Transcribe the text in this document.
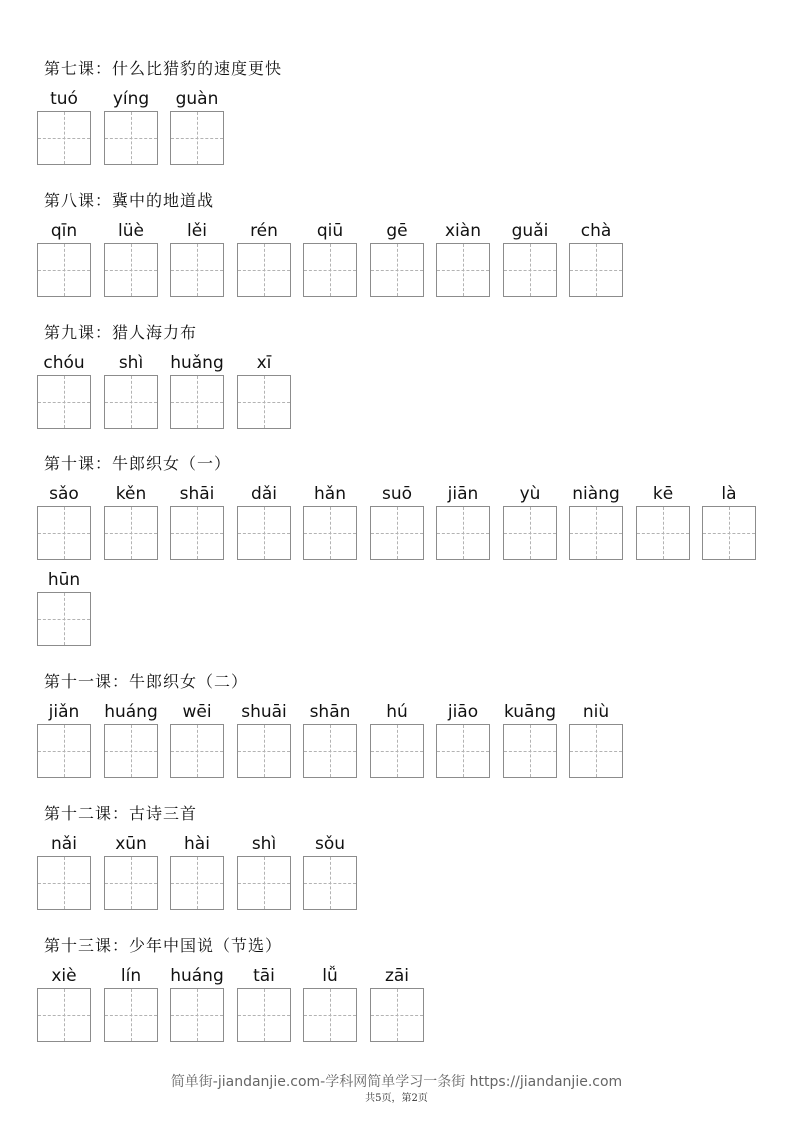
第七课：什么比猎豹的速度更快
tuó	yíng	guàn
第八课：冀中的地道战
qīn	lüè	lěi	rén	qiū	gē	xiàn	guǎi	chà
第九课：猎人海力布
chóu	shì	huǎng	xī
第十课：牛郎织女（一）
sǎo	kěn	shāi	dǎi	hǎn	suō	jiān	yù	niàng	kē	là
hūn
第十一课：牛郎织女（二）
jiǎn	huáng	wēi	shuāi	shān	hú	jiāo	kuāng	niù
第十二课：古诗三首
nǎi	xūn	hài	shì	sǒu
第十三课：少年中国说（节选）
xiè	lín	huáng	tāi	lǚ	zāi
简单街-jiandanjie.com-学科网简单学习一条街 https://jiandanjie.com
共5页，第2页
